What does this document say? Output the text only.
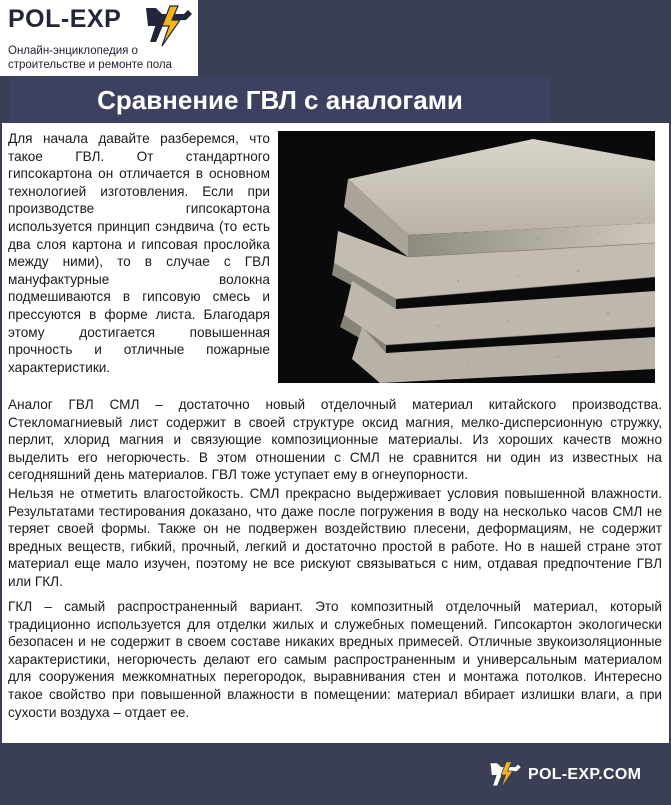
POL-EXP
Онлайн-энциклопедия о строительстве и ремонте пола
Сравнение ГВЛ с аналогами

Для начала давайте разберемся, что такое ГВЛ. От стандартного гипсокартона он отличается в основном технологией изготовления. Если при производстве гипсокартона используется принцип сэндвича (то есть два слоя картона и гипсовая прослойка между ними), то в случае с ГВЛ мануфактурные волокна подмешиваются в гипсовую смесь и прессуются в форме листа. Благодаря этому достигается повышенная прочность и отличные пожарные характеристики.

Аналог ГВЛ СМЛ – достаточно новый отделочный материал китайского производства. Стекломагниевый лист содержит в своей структуре оксид магния, мелко-дисперсионную стружку, перлит, хлорид магния и связующие композиционные материалы. Из хороших качеств можно выделить его негорючесть. В этом отношении с СМЛ не сравнится ни один из известных на сегодняшний день материалов. ГВЛ тоже уступает ему в огнеупорности.

Нельзя не отметить влагостойкость. СМЛ прекрасно выдерживает условия повышенной влажности. Результатами тестирования доказано, что даже после погружения в воду на несколько часов СМЛ не теряет своей формы. Также он не подвержен воздействию плесени, деформациям, не содержит вредных веществ, гибкий, прочный, легкий и достаточно простой в работе. Но в нашей стране этот материал еще мало изучен, поэтому не все рискуют связываться с ним, отдавая предпочтение ГВЛ или ГКЛ.

ГКЛ – самый распространенный вариант. Это композитный отделочный материал, который традиционно используется для отделки жилых и служебных помещений. Гипсокартон экологически безопасен и не содержит в своем составе никаких вредных примесей. Отличные звукоизоляционные характеристики, негорючесть делают его самым распространенным и универсальным материалом для сооружения межкомнатных перегородок, выравнивания стен и монтажа потолков. Интересно такое свойство при повышенной влажности в помещении: материал вбирает излишки влаги, а при сухости воздуха – отдает ее.

POL-EXP.COM
